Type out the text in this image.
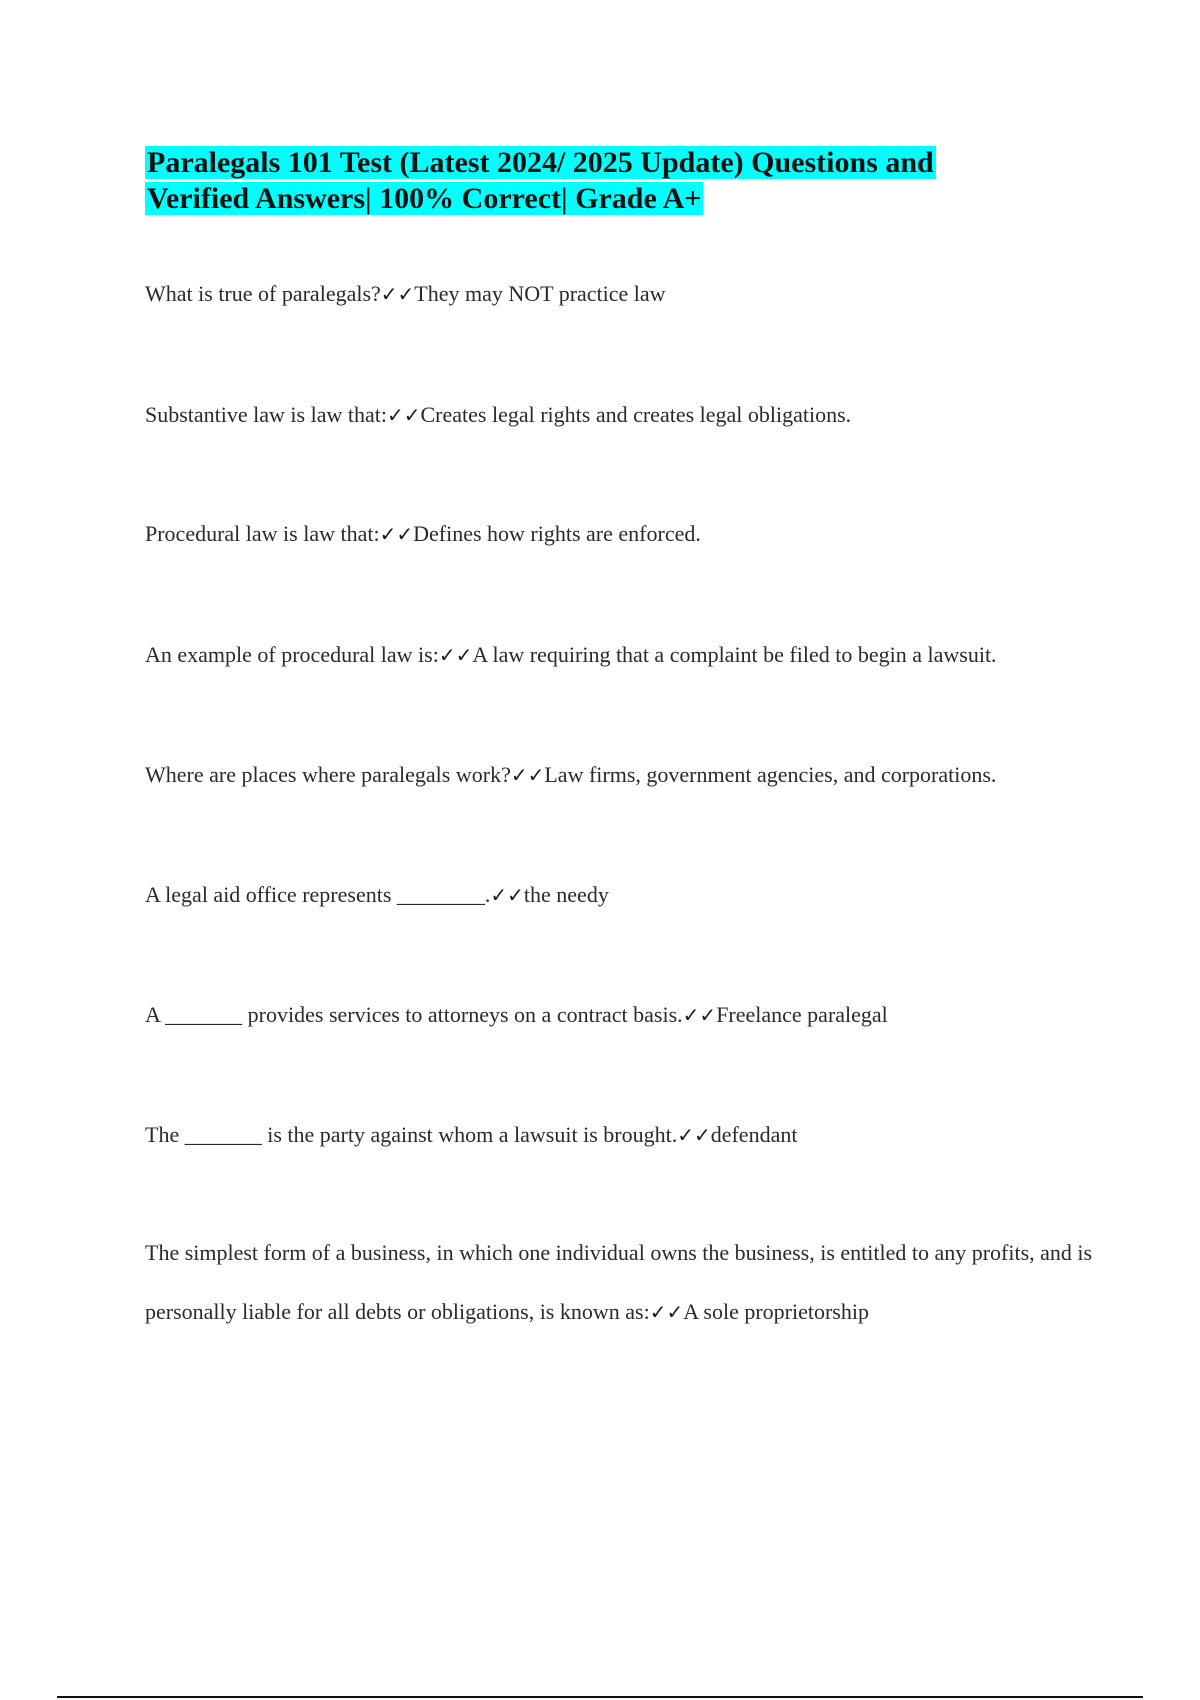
Paralegals 101 Test (Latest 2024/ 2025 Update) Questions and Verified Answers| 100% Correct| Grade A+

What is true of paralegals?✓✓They may NOT practice law

Substantive law is law that:✓✓Creates legal rights and creates legal obligations.

Procedural law is law that:✓✓Defines how rights are enforced.

An example of procedural law is:✓✓A law requiring that a complaint be filed to begin a lawsuit.

Where are places where paralegals work?✓✓Law firms, government agencies, and corporations.

A legal aid office represents ________.✓✓the needy

A _______ provides services to attorneys on a contract basis.✓✓Freelance paralegal

The _______ is the party against whom a lawsuit is brought.✓✓defendant

The simplest form of a business, in which one individual owns the business, is entitled to any profits, and is personally liable for all debts or obligations, is known as:✓✓A sole proprietorship
